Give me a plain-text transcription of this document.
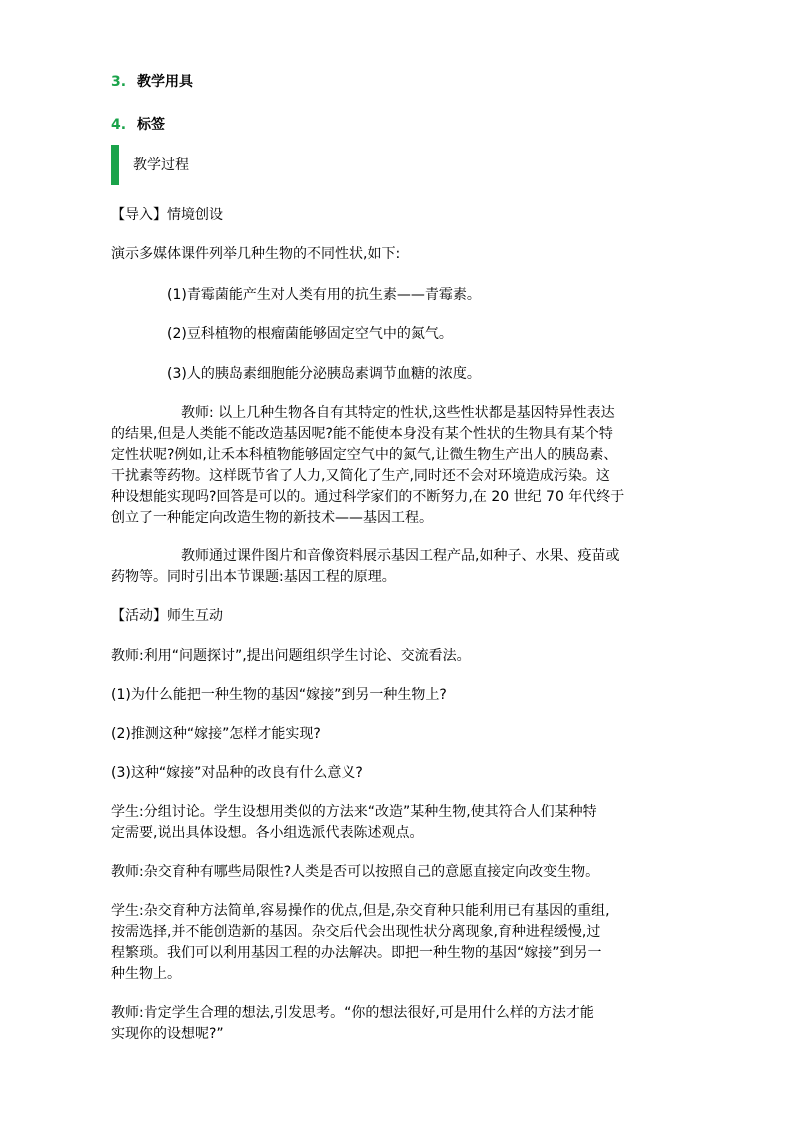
3. 教学用具
4. 标签
教学过程

【导入】情境创设

演示多媒体课件列举几种生物的不同性状,如下:

(1)青霉菌能产生对人类有用的抗生素——青霉素。

(2)豆科植物的根瘤菌能够固定空气中的氮气。

(3)人的胰岛素细胞能分泌胰岛素调节血糖的浓度。

教师: 以上几种生物各自有其特定的性状,这些性状都是基因特异性表达

的结果,但是人类能不能改造基因呢?能不能使本身没有某个性状的生物具有某个特

定性状呢?例如,让禾本科植物能够固定空气中的氮气,让微生物生产出人的胰岛素、

干扰素等药物。这样既节省了人力,又简化了生产,同时还不会对环境造成污染。这

种设想能实现吗?回答是可以的。通过科学家们的不断努力,在 20 世纪 70 年代终于

创立了一种能定向改造生物的新技术——基因工程。

教师通过课件图片和音像资料展示基因工程产品,如种子、水果、疫苗或

药物等。同时引出本节课题:基因工程的原理。

【活动】师生互动

教师:利用“问题探讨”,提出问题组织学生讨论、交流看法。

(1)为什么能把一种生物的基因“嫁接”到另一种生物上?

(2)推测这种“嫁接”怎样才能实现?

(3)这种“嫁接”对品种的改良有什么意义?

学生:分组讨论。学生设想用类似的方法来“改造”某种生物,使其符合人们某种特

定需要,说出具体设想。各小组选派代表陈述观点。

教师:杂交育种有哪些局限性?人类是否可以按照自己的意愿直接定向改变生物。

学生:杂交育种方法简单,容易操作的优点,但是,杂交育种只能利用已有基因的重组,

按需选择,并不能创造新的基因。杂交后代会出现性状分离现象,育种进程缓慢,过

程繁琐。我们可以利用基因工程的办法解决。即把一种生物的基因“嫁接”到另一

种生物上。

教师:肯定学生合理的想法,引发思考。“你的想法很好,可是用什么样的方法才能

实现你的设想呢?”
